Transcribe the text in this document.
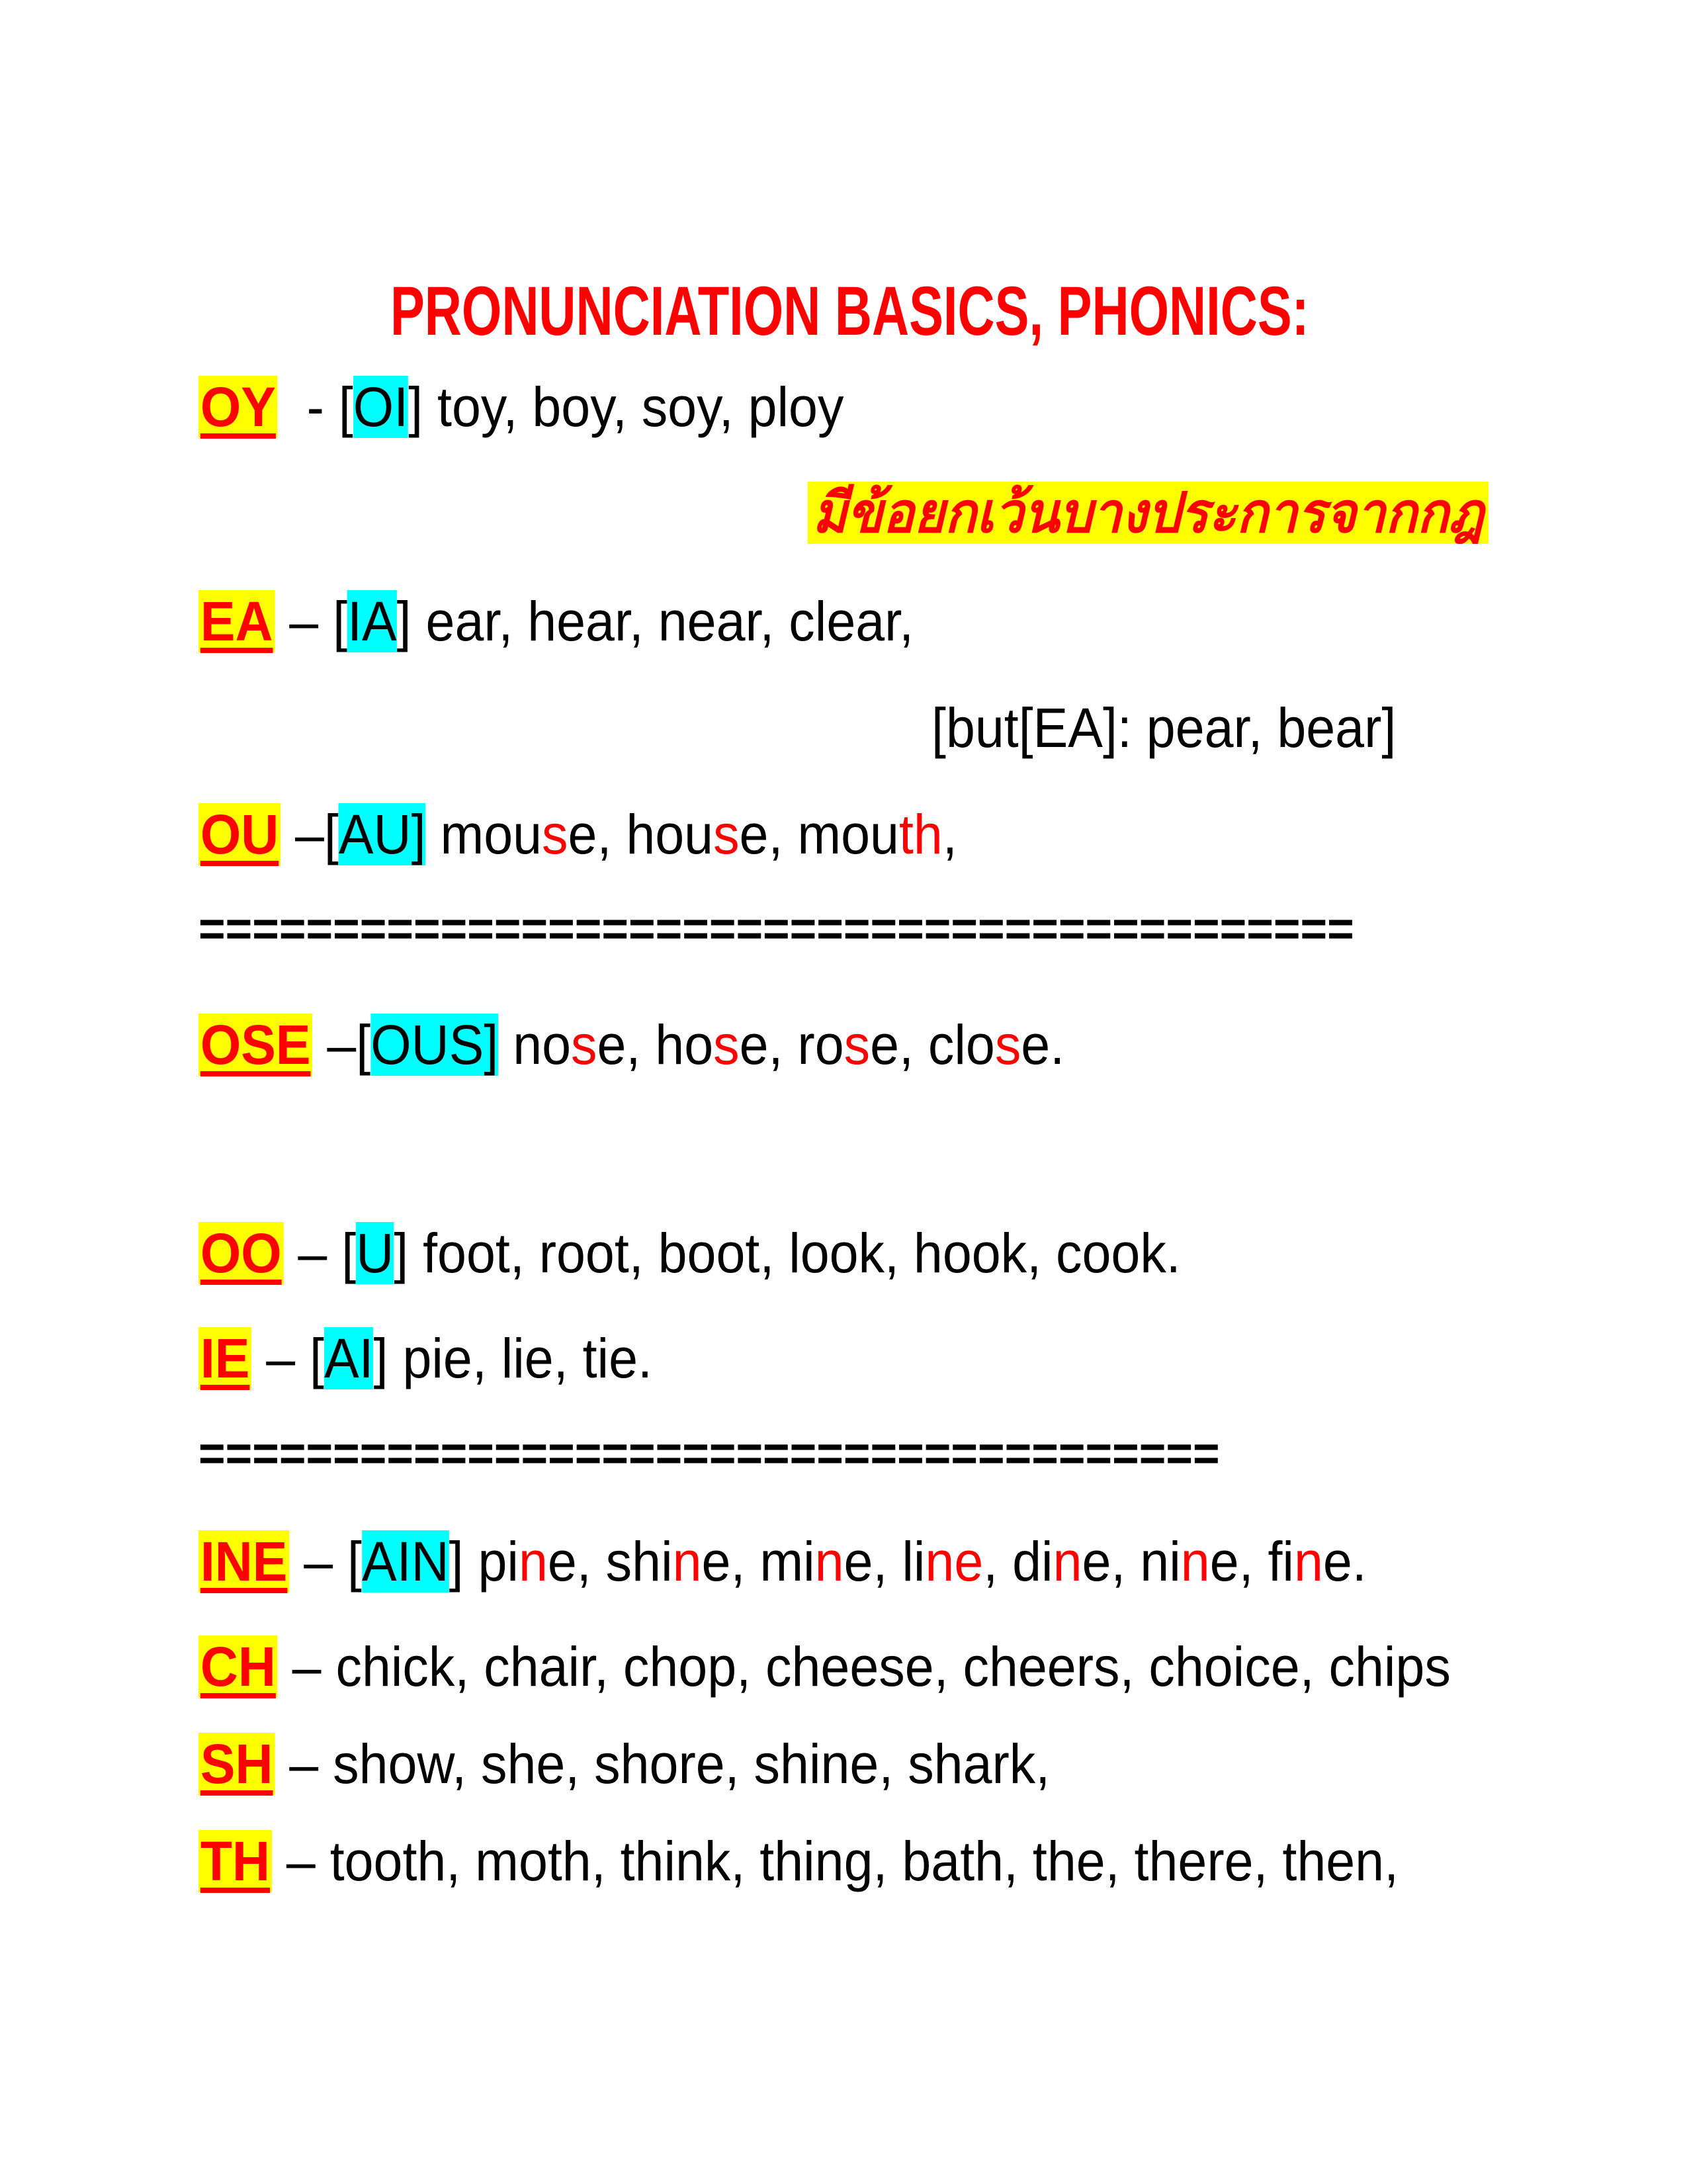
PRONUNCIATION BASICS, PHONICS:

OY  - [OI] toy, boy, soy, ploy
มีข้อยกเว้นบางประการจากกฎ
EA – [IA] ear, hear, near, clear,
[but[EA]: pear, bear]
OU –[AU] mouse, house, mouth,
===========================================
OSE –[OUS] nose, hose, rose, close.
OO – [U] foot, root, boot, look, hook, cook.
IE – [AI] pie, lie, tie.
======================================
INE – [AIN] pine, shine, mine, line, dine, nine, fine.
CH – chick, chair, chop, cheese, cheers, choice, chips
SH – show, she, shore, shine, shark,
TH – tooth, moth, think, thing, bath, the, there, then,
